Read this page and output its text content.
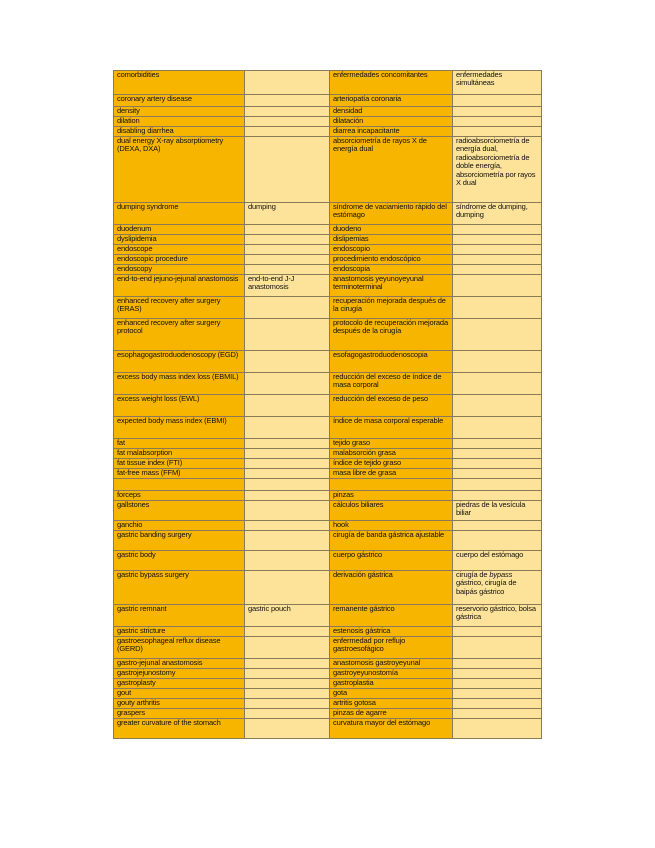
comorbidities		enfermedades concomitantes	enfermedades simultáneas
coronary artery disease		arteriopatía coronaria	
density		densidad	
dilation		dilatación	
disabling diarrhea		diarrea incapacitante	
dual energy X-ray absorptiometry (DEXA, DXA)		absorciometría de rayos X de energía dual	radioabsorciometría de energía dual, radioabsorciometría de doble energía, absorciometría por rayos X dual
dumping syndrome	dumping	síndrome de vaciamiento rápido del estómago	síndrome de dumping, dumping
duodenum		duodeno	
dyslipidemia		dislipemias	
endoscope		endoscopio	
endoscopic procedure		procedimiento endoscópico	
endoscopy		endoscopia	
end-to-end jejuno-jejunal anastomosis	end-to-end J-J anastomosis	anastomosis yeyunoyeyunal terminoterminal	
enhanced recovery after surgery (ERAS)		recuperación mejorada después de la cirugía	
enhanced recovery after surgery protocol		protocolo de recuperación mejorada después de la cirugía	
esophagogastroduodenoscopy (EGD)		esofagogastroduodenoscopia	
excess body mass index loss (EBMIL)		reducción del exceso de índice de masa corporal	
excess weight loss (EWL)		reducción del exceso de peso	
expected body mass index (EBMI)		índice de masa corporal esperable	
fat		tejido graso	
fat malabsorption		malabsorción grasa	
fat tissue index (FTI)		índice de tejido graso	
fat-free mass (FFM)		masa libre de grasa	

forceps		pinzas	
gallstones		cálculos biliares	piedras de la vesícula biliar
ganchio		hook	
gastric banding surgery		cirugía de banda gástrica ajustable	
gastric body		cuerpo gástrico	cuerpo del estómago
gastric bypass surgery		derivación gástrica	cirugía de bypass gástrico, cirugía de baipás gástrico
gastric remnant	gastric pouch	remanente gástrico	reservorio gástrico, bolsa gástrica
gastric stricture		estenosis gástrica	
gastroesophageal reflux disease (GERD)		enfermedad por reflujo gastroesofágico	
gastro-jejunal anastomosis		anastomosis gastroyeyunal	
gastrojejunostomy		gastroyeyunostomía	
gastroplasty		gastroplastia	
gout		gota	
gouty arthritis		artritis gotosa	
graspers		pinzas de agarre	
greater curvature of the stomach		curvatura mayor del estómago	
